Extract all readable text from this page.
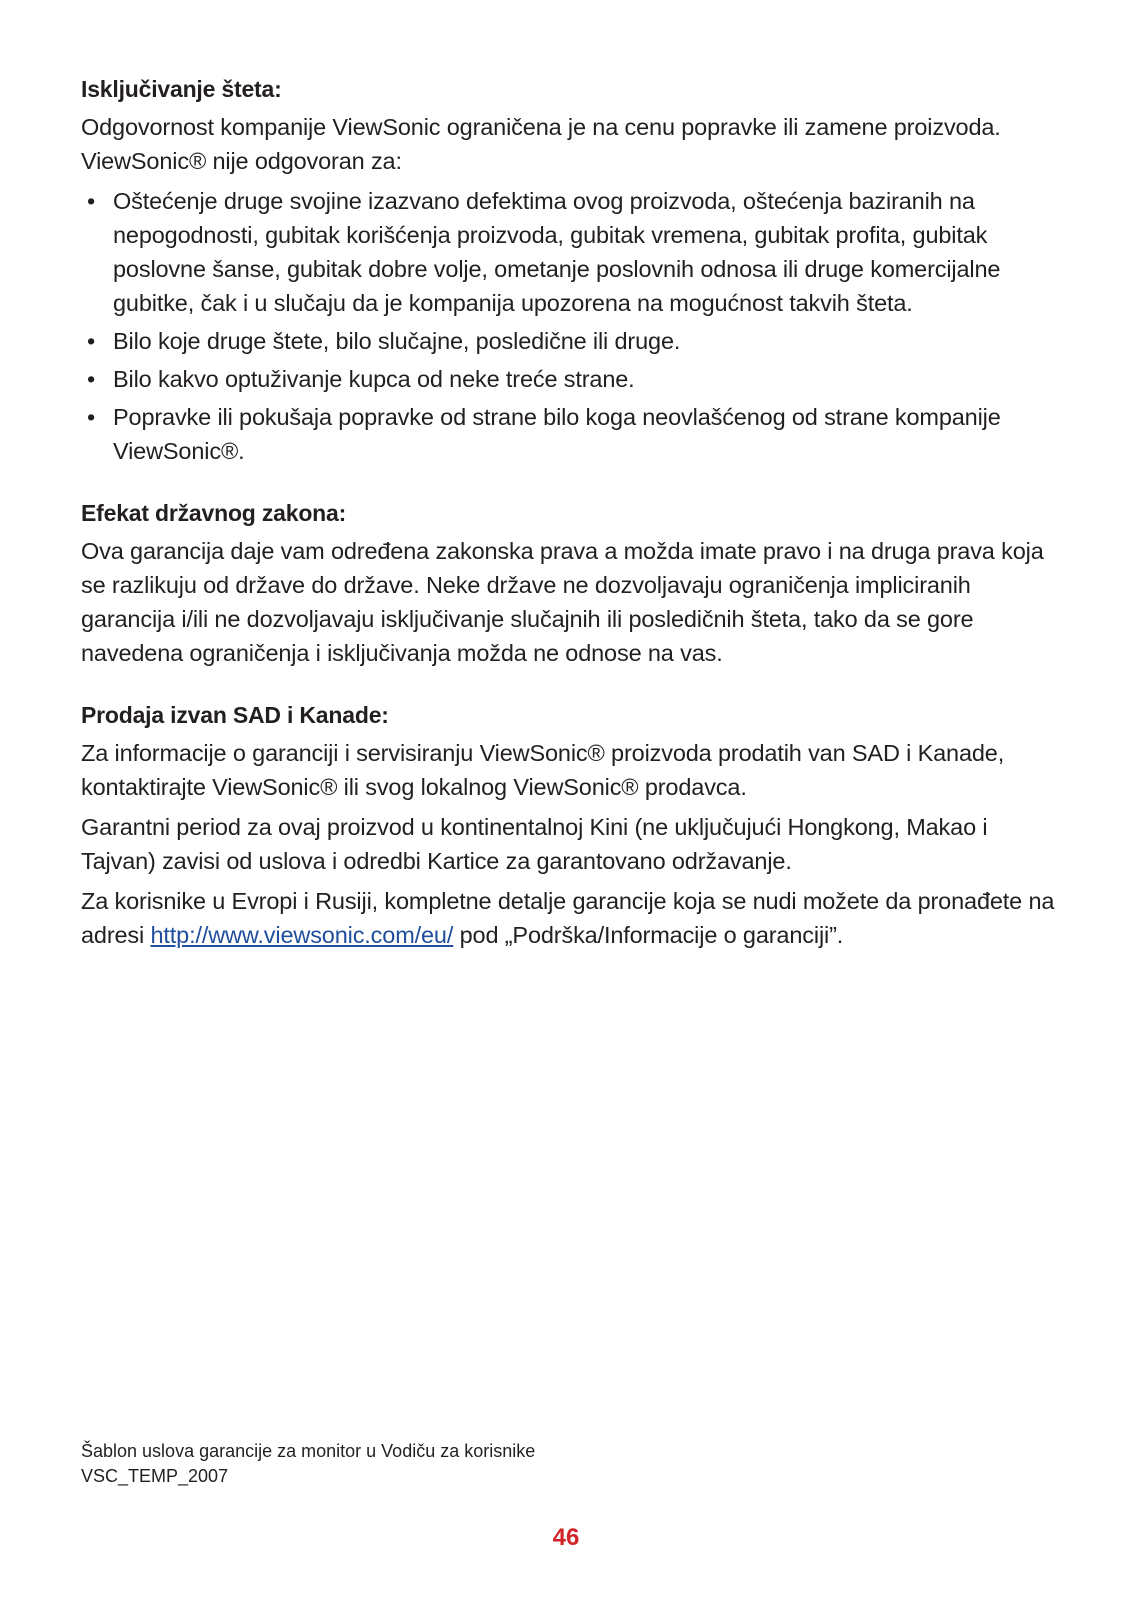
Isključivanje šteta:
Odgovornost kompanije ViewSonic ograničena je na cenu popravke ili zamene proizvoda. ViewSonic® nije odgovoran za:
• Oštećenje druge svojine izazvano defektima ovog proizvoda, oštećenja baziranih na nepogodnosti, gubitak korišćenja proizvoda, gubitak vremena, gubitak profita, gubitak poslovne šanse, gubitak dobre volje, ometanje poslovnih odnosa ili druge komercijalne gubitke, čak i u slučaju da je kompanija upozorena na mogućnost takvih šteta.
• Bilo koje druge štete, bilo slučajne, posledične ili druge.
• Bilo kakvo optuživanje kupca od neke treće strane.
• Popravke ili pokušaja popravke od strane bilo koga neovlašćenog od strane kompanije ViewSonic®.
Efekat državnog zakona:
Ova garancija daje vam određena zakonska prava a možda imate pravo i na druga prava koja se razlikuju od države do države. Neke države ne dozvoljavaju ograničenja impliciranih garancija i/ili ne dozvoljavaju isključivanje slučajnih ili posledičnih šteta, tako da se gore navedena ograničenja i isključivanja možda ne odnose na vas.
Prodaja izvan SAD i Kanade:
Za informacije o garanciji i servisiranju ViewSonic® proizvoda prodatih van SAD i Kanade, kontaktirajte ViewSonic® ili svog lokalnog ViewSonic® prodavca.
Garantni period za ovaj proizvod u kontinentalnoj Kini (ne uključujući Hongkong, Makao i Tajvan) zavisi od uslova i odredbi Kartice za garantovano održavanje.
Za korisnike u Evropi i Rusiji, kompletne detalje garancije koja se nudi možete da pronađete na adresi http://www.viewsonic.com/eu/ pod „Podrška/Informacije o garanciji”.
Šablon uslova garancije za monitor u Vodiču za korisnike
VSC_TEMP_2007
46
